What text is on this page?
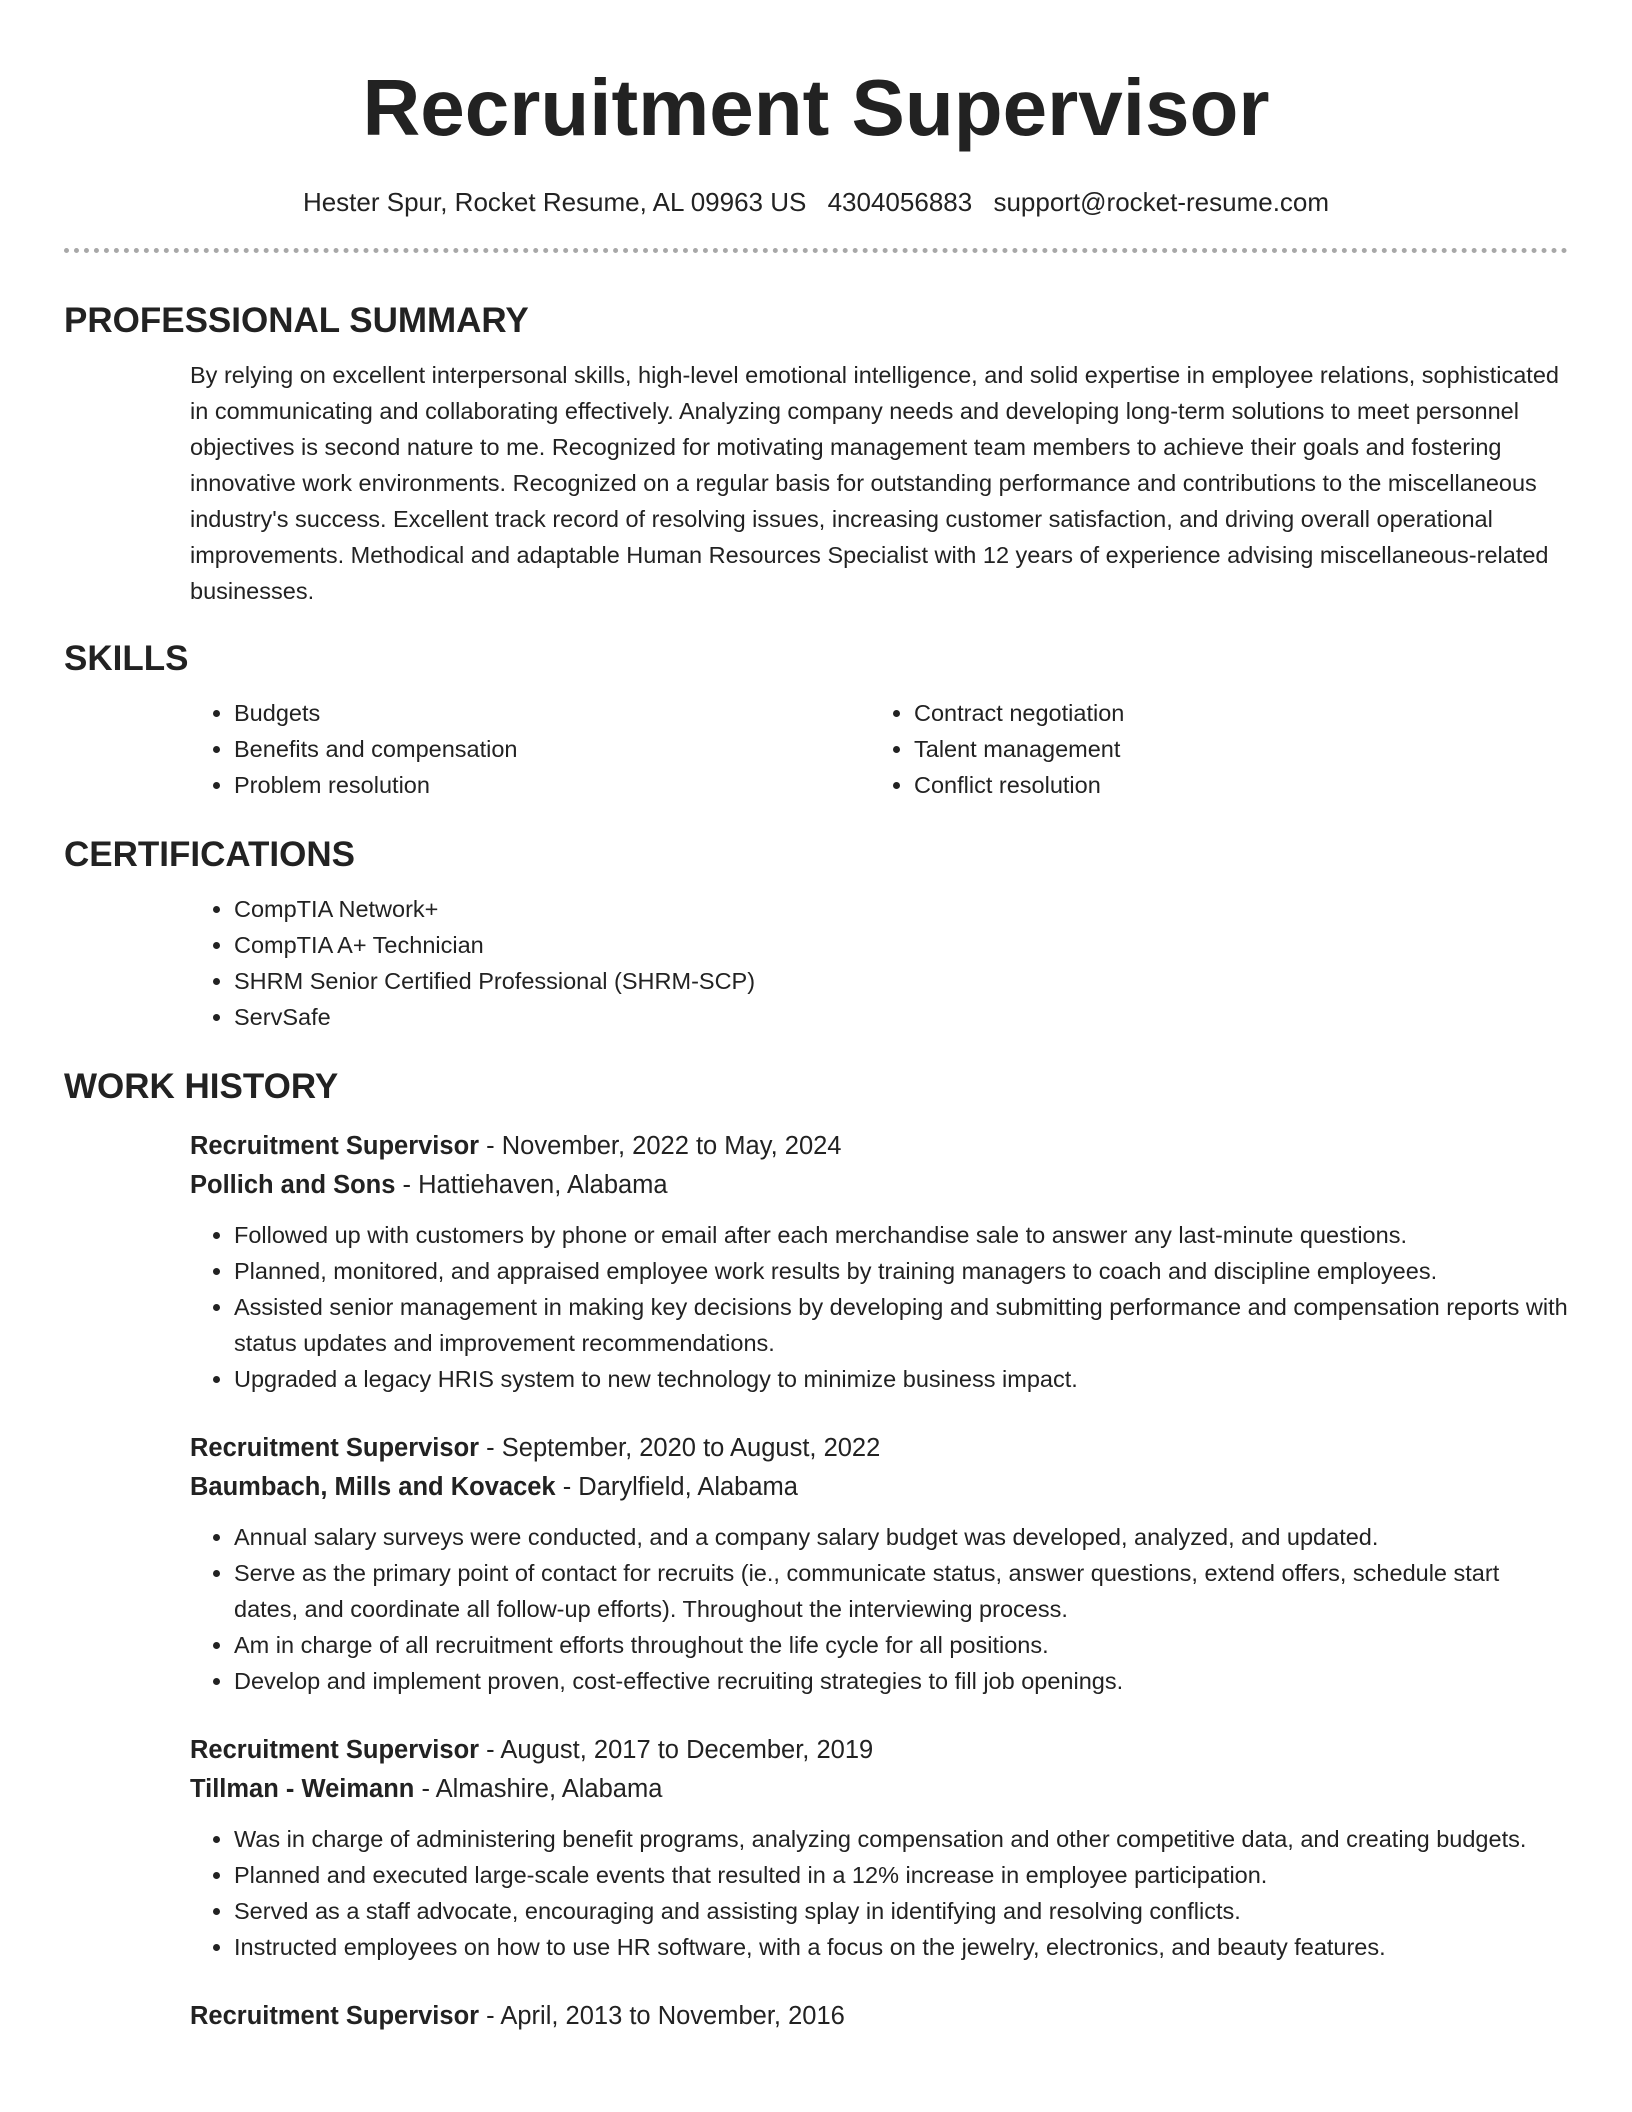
Recruitment Supervisor
Hester Spur, Rocket Resume, AL 09963 US 4304056883 support@rocket-resume.com
PROFESSIONAL SUMMARY

By relying on excellent interpersonal skills, high-level emotional intelligence, and solid expertise in employee relations, sophisticated in communicating and collaborating effectively. Analyzing company needs and developing long-term solutions to meet personnel objectives is second nature to me. Recognized for motivating management team members to achieve their goals and fostering innovative work environments. Recognized on a regular basis for outstanding performance and contributions to the miscellaneous industry's success. Excellent track record of resolving issues, increasing customer satisfaction, and driving overall operational improvements. Methodical and adaptable Human Resources Specialist with 12 years of experience advising miscellaneous-related businesses.

SKILLS
• Budgets
• Benefits and compensation
• Problem resolution
• Contract negotiation
• Talent management
• Conflict resolution
CERTIFICATIONS
• CompTIA Network+
• CompTIA A+ Technician
• SHRM Senior Certified Professional (SHRM-SCP)
• ServSafe
WORK HISTORY
Recruitment Supervisor - November, 2022 to May, 2024
Pollich and Sons - Hattiehaven, Alabama
• Followed up with customers by phone or email after each merchandise sale to answer any last-minute questions.
• Planned, monitored, and appraised employee work results by training managers to coach and discipline employees.
• Assisted senior management in making key decisions by developing and submitting performance and compensation reports with status updates and improvement recommendations.
• Upgraded a legacy HRIS system to new technology to minimize business impact.
Recruitment Supervisor - September, 2020 to August, 2022
Baumbach, Mills and Kovacek - Darylfield, Alabama
• Annual salary surveys were conducted, and a company salary budget was developed, analyzed, and updated.
• Serve as the primary point of contact for recruits (ie., communicate status, answer questions, extend offers, schedule start dates, and coordinate all follow-up efforts). Throughout the interviewing process.
• Am in charge of all recruitment efforts throughout the life cycle for all positions.
• Develop and implement proven, cost-effective recruiting strategies to fill job openings.
Recruitment Supervisor - August, 2017 to December, 2019
Tillman - Weimann - Almashire, Alabama
• Was in charge of administering benefit programs, analyzing compensation and other competitive data, and creating budgets.
• Planned and executed large-scale events that resulted in a 12% increase in employee participation.
• Served as a staff advocate, encouraging and assisting splay in identifying and resolving conflicts.
• Instructed employees on how to use HR software, with a focus on the jewelry, electronics, and beauty features.
Recruitment Supervisor - April, 2013 to November, 2016
